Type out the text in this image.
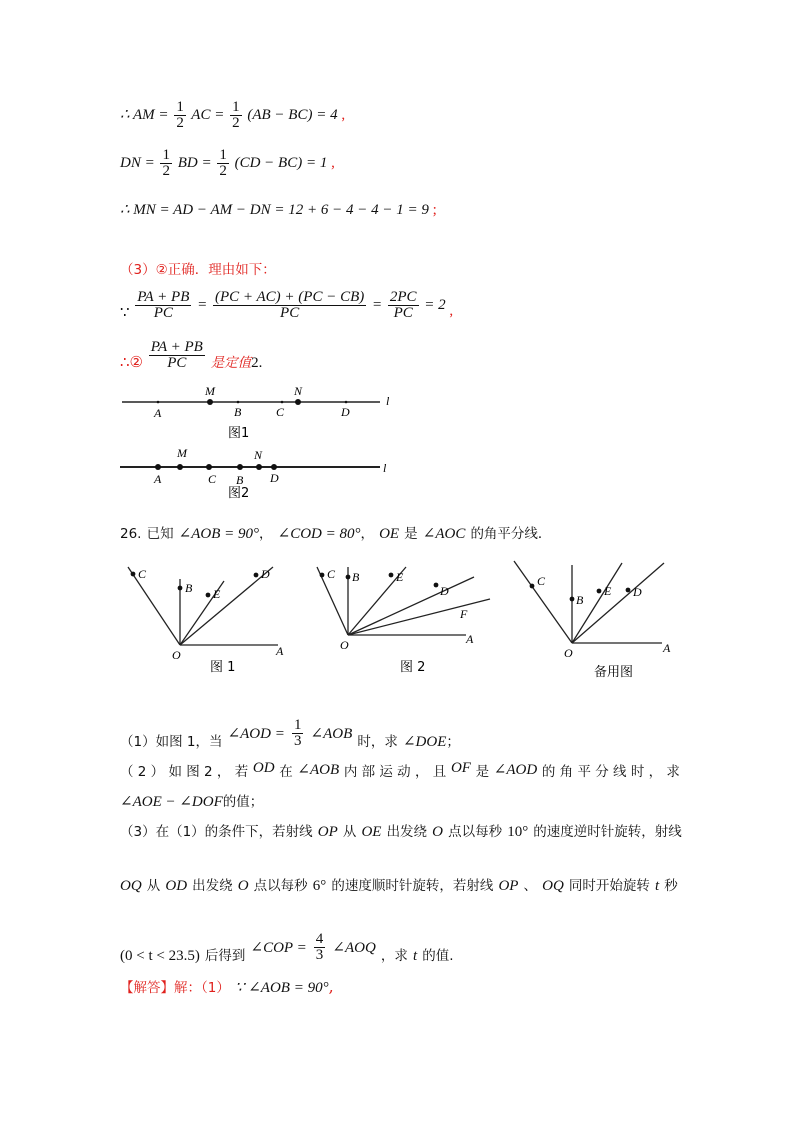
∴ AM = $\frac{1}{2}$ AC = $\frac{1}{2} (AB - BC) = 4$ ,
DN = $\frac{1}{2}$ BD = $\frac{1}{2} (CD - BC) = 1$ ,
∴ MN = AD − AM − DN = 12 + 6 − 4 − 4 − 1 = 9 ;
（3）②正确．理由如下：
∵ $\frac{PA + PB}{PC} = \frac{(PC + AC) + (PC - CB)}{PC} = \frac{2PC}{PC} = 2$ ,
∴② $\frac{PA + PB}{PC}$ 是定值2.
A
M
B	C
N
D
l
图1
A
M
C B
N
D
l
图2
26. 已知 ∠AOB = 90°， ∠COD = 80°， OE 是 ∠AOC 的角平分线．
C
B E
D
O	A
图 1
C B	E
D
F
O	A
图 2
C
B
E D
O	A
备用图
$_{(1)如图 1,当}$ ∠AOD = $\frac{1}{3}$ ∠AOB $_{时,求}$ $\angle DOE_;$
（ 2 ） 如 图 2 ， 若 OD 在 ∠AOB 内 部 运 动 ， 且 OF 是 ∠AOD 的 角 平 分 线 时 ， 求
∠AOE − ∠DOF的值；
（3）在（1）的条件下，若射线 OP 从 OE 出发绕 O 点以每秒 10° 的速度逆时针旋转，射线
OQ 从 OD 出发绕 O 点以每秒 6° 的速度顺时针旋转，若射线 OP 、 OQ 同时开始旋转 t 秒
(0 < t < 23.5) $_{后得到}$ ∠COP = $\frac{4}{3}$ ∠AOQ $_{,求}$ t $_{的值.}$
【解答】解：（1） ∵ ∠AOB = 90°,
